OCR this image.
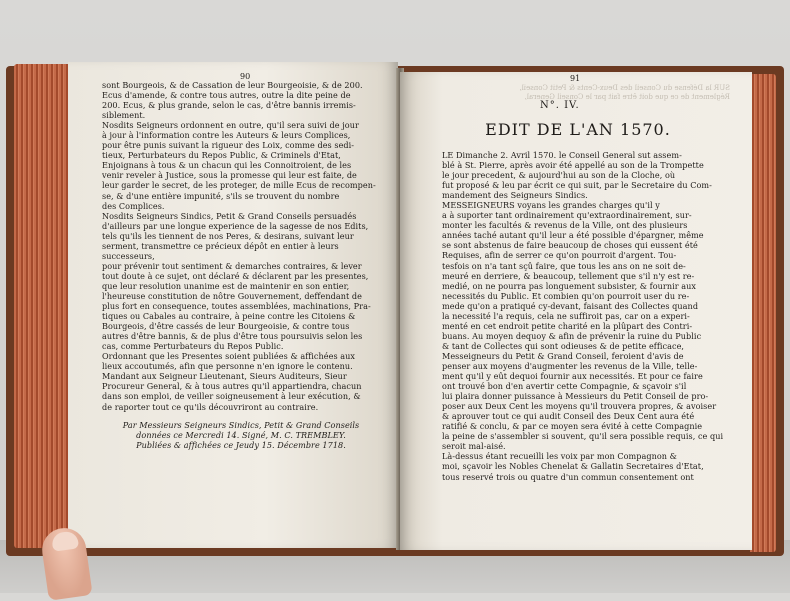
90

sont Bourgeois, & de Cassation de leur Bourgeoisie, & de 200.

Ecus d'amende, & contre tous autres, outre la dite peine de

200. Ecus, & plus grande, selon le cas, d'être bannis irremis-

siblement.

Nosdits Seigneurs ordonnent en outre, qu'il sera suivi de jour

à jour à l'information contre les Auteurs & leurs Complices,

pour être punis suivant la rigueur des Loix, comme des sedi-

tieux, Perturbateurs du Repos Public, & Criminels d'Etat,

Enjoignans à tous & un chacun qui les Connoitroient, de les

venir reveler à Justice, sous la promesse qui leur est faite, de

leur garder le secret, de les proteger, de mille Ecus de recompen-

se, & d'une entière impunité, s'ils se trouvent du nombre

des Complices.

Nosdits Seigneurs Sindics, Petit & Grand Conseils persuadés

d'ailleurs par une longue experience de la sagesse de nos Edits,

tels qu'ils les tiennent de nos Peres, & desirans, suivant leur

serment, transmettre ce précieux dépôt en entier à leurs successeurs,

pour prévenir tout sentiment & demarches contraires, & lever

tout doute à ce sujet, ont déclaré & déclarent par les presentes,

que leur resolution unanime est de maintenir en son entier,

l'heureuse constitution de nôtre Gouvernement, deffendant de

plus fort en consequence, toutes assemblées, machinations, Pra-

tiques ou Cabales au contraire, à peine contre les Citoiens &

Bourgeois, d'être cassés de leur Bourgeoisie, & contre tous

autres d'être bannis, & de plus d'être tous poursuivis selon les

cas, comme Perturbateurs du Repos Public.

Ordonnant que les Presentes soient publiées & affichées aux

lieux accoutumés, afin que personne n'en ignore le contenu.

Mandant aux Seigneur Lieutenant, Sieurs Auditeurs, Sieur

Procureur General, & à tous autres qu'il appartiendra, chacun

dans son emploi, de veiller soigneusement à leur exécution, &

de raporter tout ce qu'ils découvriront au contraire.

Par Messieurs Seigneurs Sindics, Petit & Grand Conseils

données ce Mercredi 14. Signé, M. C. TREMBLEY.

Publiées & affichées ce Jeudy 15. Décembre 1718.

SUR la Défense du Conseil des Deux-Cents & Petit Conseil,
Réglement de ce que doit être fait par le Conseil General,
91
N°. IV.
EDIT DE L'AN 1570.

LE Dimanche 2. Avril 1570. le Conseil General sut assem-

blé à St. Pierre, après avoir été appellé au son de la Trompette

le jour precedent, & aujourd'hui au son de la Cloche, où

fut proposé & leu par écrit ce qui suit, par le Secretaire du Com-

mandement des Seigneurs Sindics.

MESSEIGNEURS voyans les grandes charges qu'il y

a à suporter tant ordinairement qu'extraordinairement, sur-

monter les facultés & revenus de la Ville, ont des plusieurs

années taché autant qu'il leur a été possible d'épargner, même

se sont abstenus de faire beaucoup de choses qui eussent été

Requises, afin de serrer ce qu'on pourroit d'argent. Tou-

tesfois on n'a tant sçû faire, que tous les ans on ne soit de-

meuré en derriere, & beaucoup, tellement que s'il n'y est re-

medié, on ne pourra pas longuement subsister, & fournir aux

necessités du Public. Et combien qu'on pourroit user du re-

mede qu'on a pratiqué cy-devant, faisant des Collectes quand

la necessité l'a requis, cela ne suffiroit pas, car on a experi-

menté en cet endroit petite charité en la plûpart des Contri-

buans. Au moyen dequoy & afin de prévenir la ruine du Public

& tant de Collectes qui sont odieuses & de petite efficace,

Messeigneurs du Petit & Grand Conseil, feroient d'avis de

penser aux moyens d'augmenter les revenus de la Ville, telle-

ment qu'il y eût dequoi fournir aux necessités. Et pour ce faire

ont trouvé bon d'en avertir cette Compagnie, & sçavoir s'il

lui plaira donner puissance à Messieurs du Petit Conseil de pro-

poser aux Deux Cent les moyens qu'il trouvera propres, & avoiser

& aprouver tout ce qui audit Conseil des Deux Cent aura été

ratifié & conclu, & par ce moyen sera évité à cette Compagnie

la peine de s'assembler si souvent, qu'il sera possible requis, ce qui

seroit mal-aisé.

Là-dessus étant recueilli les voix par mon Compagnon &

moi, sçavoir les Nobles Chenelat & Gallatin Secretaires d'Etat,

tous reservé trois ou quatre d'un commun consentement ont
